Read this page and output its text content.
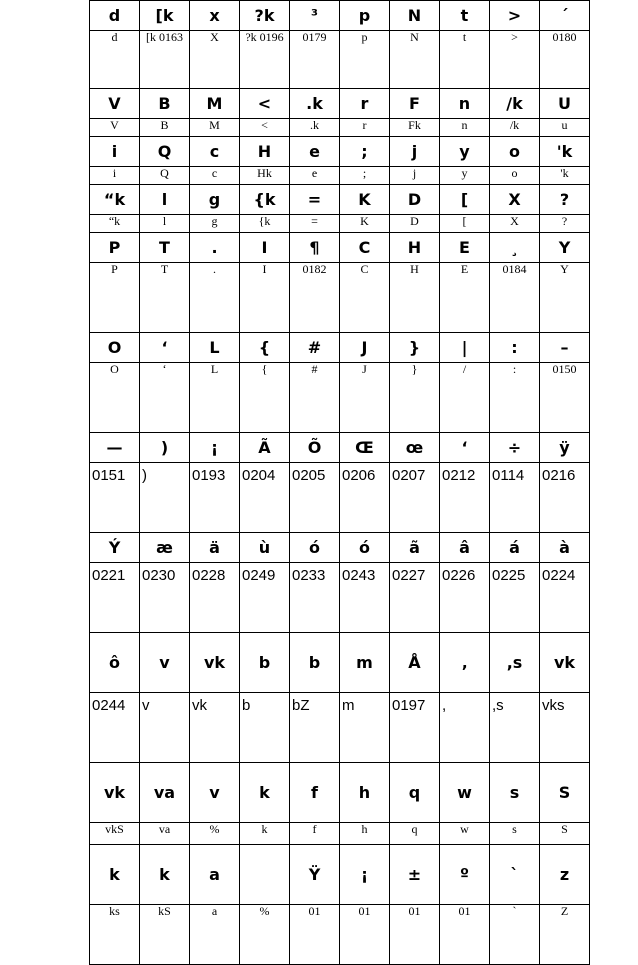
d	[k	x	?k	³	p	N	t	>	´
d	[k 0163	X	?k 0196	0179	p	N	t	>	0180
V	B	M	<	.k	r	F	n	/k	U
V	B	M	<	.k	r	Fk	n	/k	u
i	Q	c	H	e	;	j	y	o	'k
i	Q	c	Hk	e	;	j	y	o	'k
“k	l	g	{k	=	K	D	[	X	?
“k	l	g	{k	=	K	D	[	X	?
P	T	.	I	¶	C	H	E	¸	Y
P	T	.	I	0182	C	H	E	0184	Y
O	‘	L	{	#	J	}	|	:	–
O	‘	L	{	#	J	}	/	:	0150
—	)	¡	Ã	Õ	Œ	œ	‘	÷	ÿ
0151	)	0193	0204	0205	0206	0207	0212	0114	0216
Ý	æ	ä	ù	ó	ó	ã	â	á	à
0221	0230	0228	0249	0233	0243	0227	0226	0225	0224
ô	v	vk	b	b	m	Å	‚	,s	vk
0244	v	vk	b	bZ	m	0197	,	,s	vks
vk	va	v	k	f	h	q	w	s	S
vkS	va	%	k	f	h	q	w	s	S
k	k	a		Ÿ	¡	±	º	`	z
ks	kS	a	%	01	01	01	01	`	Z
